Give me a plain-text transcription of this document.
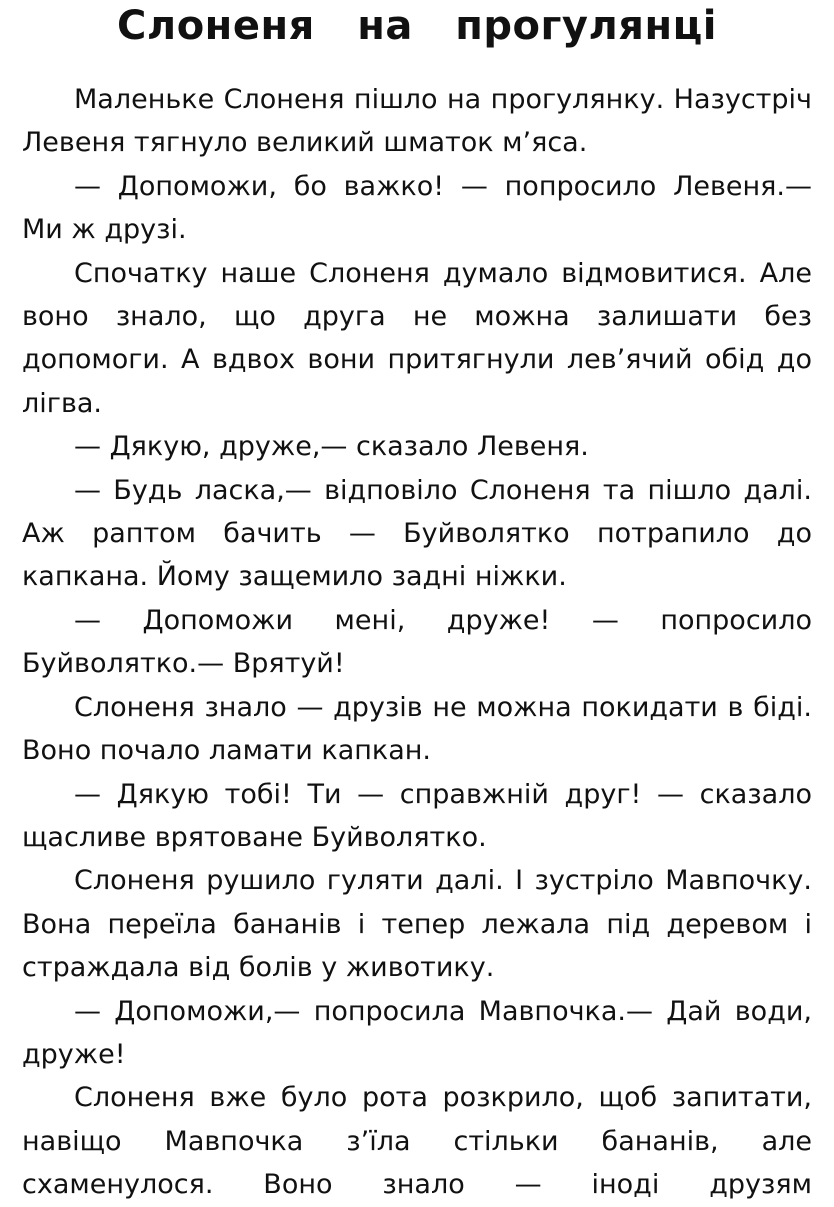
Слоненя на прогулянці

Маленьке Слоненя пішло на прогулянку. Назустріч Левеня тягнуло великий шматок м’яса.

— Допоможи, бо важко! — попросило Левеня.— Ми ж друзі.

Спочатку наше Слоненя думало відмовитися. Але воно знало, що друга не можна залишати без допомоги. А вдвох вони притягнули лев’ячий обід до лігва.

— Дякую, друже,— сказало Левеня.

— Будь ласка,— відповіло Слоненя та пішло далі. Аж раптом бачить — Буйволятко потрапило до капкана. Йому защемило задні ніжки.

— Допоможи мені, друже! — попросило Буйволятко.— Врятуй!

Слоненя знало — друзів не можна покидати в біді. Воно почало ламати капкан.

— Дякую тобі! Ти — справжній друг! — сказало щасливе врятоване Буйволятко.

Слоненя рушило гуляти далі. І зустріло Мавпочку. Вона переїла бананів і тепер лежала під деревом і страждала від болів у животику.

— Допоможи,— попросила Мавпочка.— Дай води, друже!

Слоненя вже було рота розкрило, щоб запитати, навіщо Мавпочка з’їла стільки бананів, але схаменулося. Воно знало — іноді друзям
